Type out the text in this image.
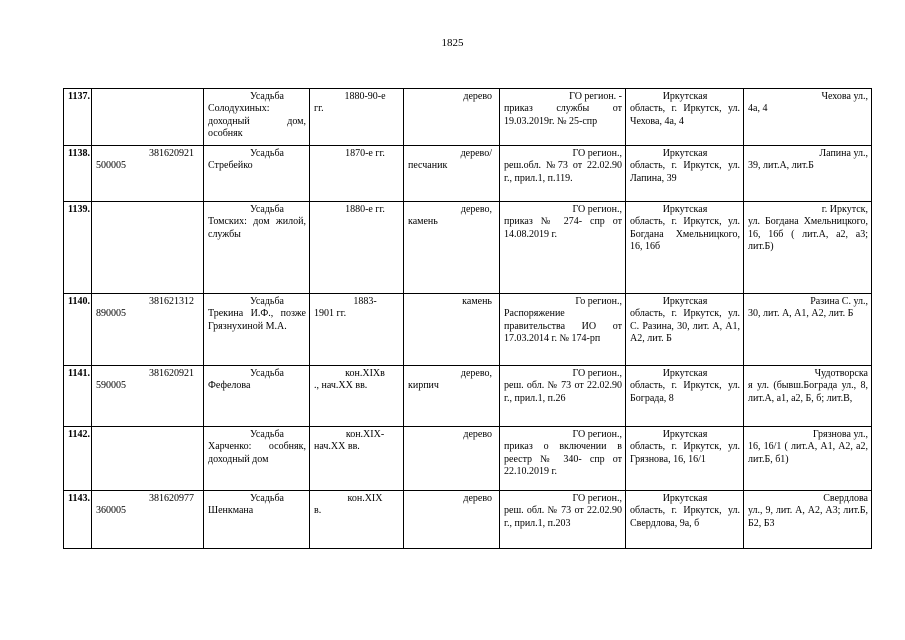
1825
1137.		Усадьба
Солодухиных: доходный дом, особняк	1880-90-е
гг.	дерево	ГО регион. -
приказ службы от 19.03.2019г. № 25-спр	Иркутская
область, г. Иркутск, ул. Чехова, 4а, 4	Чехова ул.,
4а, 4
1138.	381620921
500005	Усадьба
Стребейко	1870-е гг.	дерево/
песчаник	ГО регион.,
реш.обл. №73 от 22.02.90 г., прил.1, п.119.	Иркутская
область, г. Иркутск, ул. Лапина, 39	Лапина ул.,
39, лит.А, лит.Б
1139.		Усадьба
Томских: дом жилой, службы	1880-е гг.	дерево,
камень	ГО регион.,
приказ № 274- спр от 14.08.2019 г.	Иркутская
область, г. Иркутск, ул. Богдана Хмельницкого, 16, 16б	г. Иркутск,
ул. Богдана Хмельницкого, 16, 16б ( лит.А, а2, а3; лит.Б)
1140.	381621312
890005	Усадьба
Трекина И.Ф., позже Грязнухиной М.А.	1883-
1901 гг.	камень	Го регион.,
Распоряжение правительства ИО от 17.03.2014 г. № 174-рп	Иркутская
область, г. Иркутск, ул. С. Разина, 30, лит. А, А1, А2, лит. Б	Разина С. ул.,
30, лит. А, А1, А2, лит. Б
1141.	381620921
590005	Усадьба
Фефелова	кон.XIXв
., нач.XX вв.	дерево,
кирпич	ГО регион.,
реш. обл. № 73 от 22.02.90 г., прил.1, п.26	Иркутская
область, г. Иркутск, ул. Бограда, 8	Чудотворска
я ул. (бывш.Бограда ул., 8, лит.А, а1, а2, Б, б; лит.В,
1142.		Усадьба
Харченко: особняк, доходный дом	кон.XIX-
нач.XX вв.	дерево	ГО регион.,
приказ о включении в реестр № 340- спр от 22.10.2019 г.	Иркутская
область, г. Иркутск, ул. Грязнова, 16, 16/1	Грязнова ул.,
16, 16/1 ( лит.А, А1, А2, а2, лит.Б, б1)
1143.	381620977
360005	Усадьба
Шенкмана	кон.XIX
в.	дерево	ГО регион.,
реш. обл. № 73 от 22.02.90 г., прил.1, п.203	Иркутская
область, г. Иркутск, ул. Свердлова, 9а, б	Свердлова
ул., 9, лит. А, А2, А3; лит.Б, Б2, Б3
